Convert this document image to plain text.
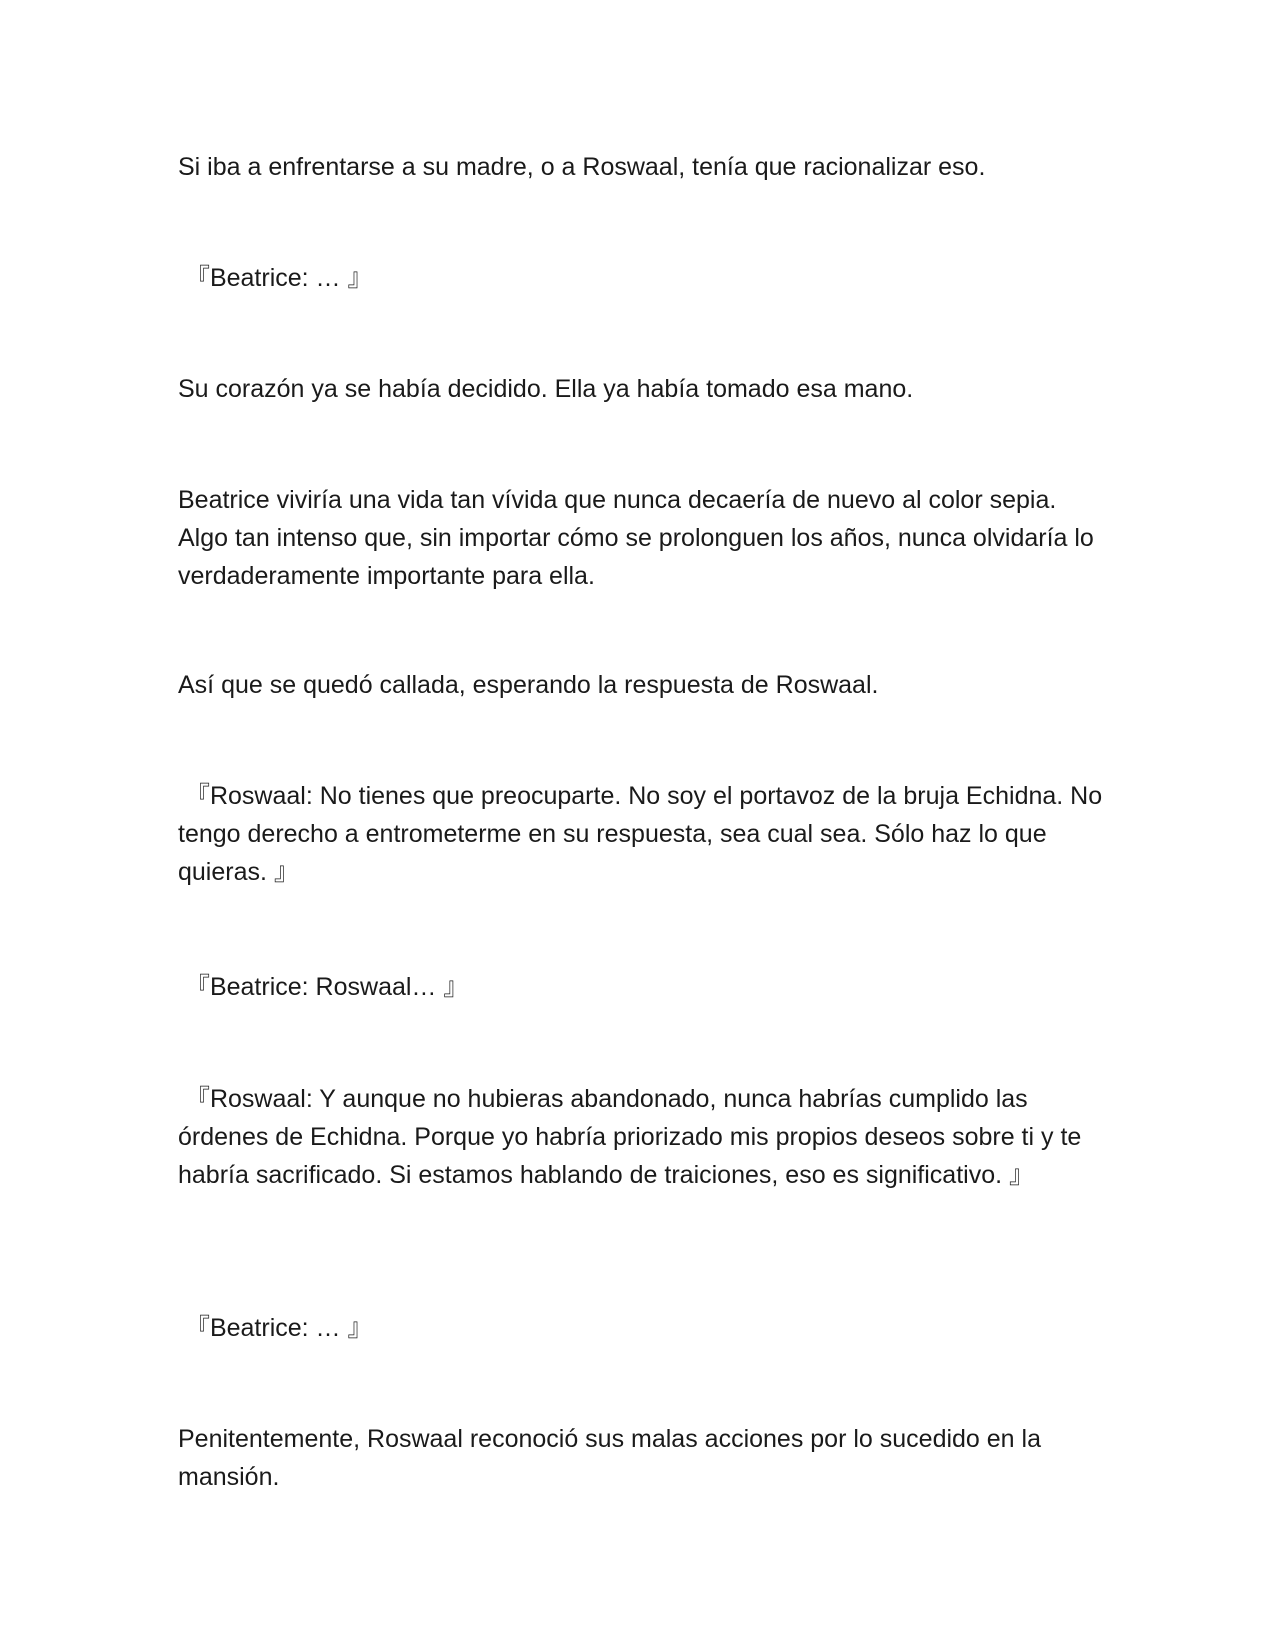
Si iba a enfrentarse a su madre, o a Roswaal, tenía que racionalizar eso.

『Beatrice: … 』

Su corazón ya se había decidido. Ella ya había tomado esa mano.

Beatrice viviría una vida tan vívida que nunca decaería de nuevo al color sepia. Algo tan intenso que, sin importar cómo se prolonguen los años, nunca olvidaría lo verdaderamente importante para ella.

Así que se quedó callada, esperando la respuesta de Roswaal.

『Roswaal: No tienes que preocuparte. No soy el portavoz de la bruja Echidna. No tengo derecho a entrometerme en su respuesta, sea cual sea. Sólo haz lo que quieras. 』

『Beatrice: Roswaal… 』

『Roswaal: Y aunque no hubieras abandonado, nunca habrías cumplido las órdenes de Echidna. Porque yo habría priorizado mis propios deseos sobre ti y te habría sacrificado. Si estamos hablando de traiciones, eso es significativo. 』

『Beatrice: … 』

Penitentemente, Roswaal reconoció sus malas acciones por lo sucedido en la mansión.
